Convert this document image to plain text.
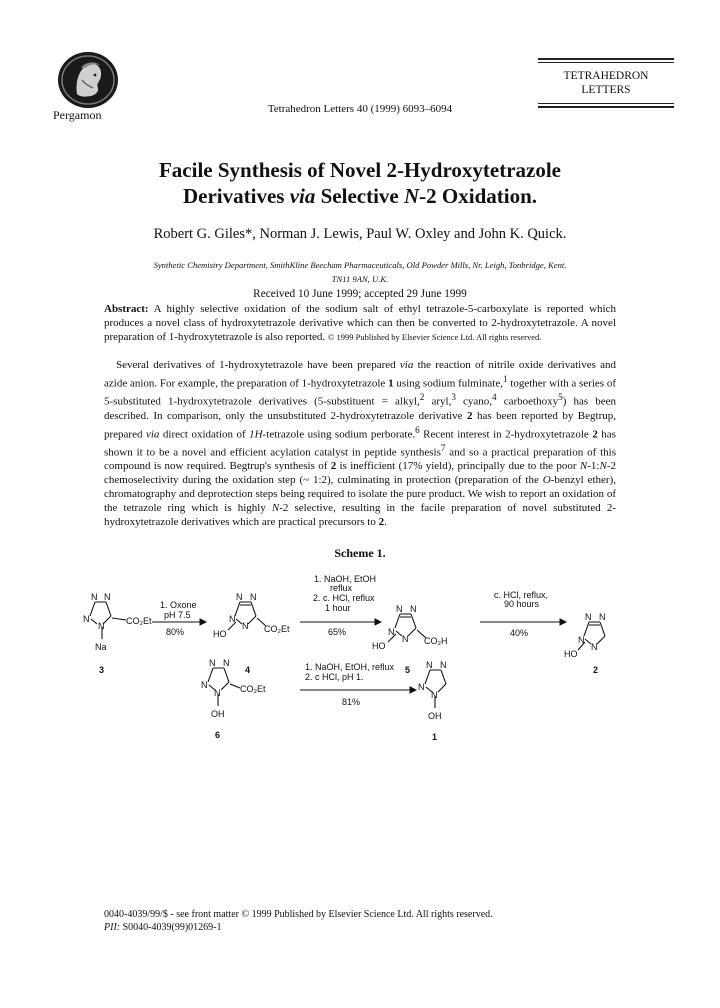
Pergamon	Tetrahedron Letters 40 (1999) 6093–6094
TETRAHEDRON
LETTERS
Facile Synthesis of Novel 2-Hydroxytetrazole
Derivatives via Selective N-2 Oxidation.
Robert G. Giles*, Norman J. Lewis, Paul W. Oxley and John K. Quick.
Synthetic Chemistry Department, SmithKline Beecham Pharmaceuticals, Old Powder Mills, Nr. Leigh, Tonbridge, Kent.
TN11 9AN, U.K.
Received 10 June 1999; accepted 29 June 1999
Abstract: A highly selective oxidation of the sodium salt of ethyl tetrazole-5-carboxylate is reported which produces a novel class of hydroxytetrazole derivative which can then be converted to 2-hydroxytetrazole. A novel preparation of 1-hydroxytetrazole is also reported. © 1999 Published by Elsevier Science Ltd. All rights reserved.

Several derivatives of 1-hydroxytetrazole have been prepared via the reaction of nitrile oxide derivatives and azide anion. For example, the preparation of 1-hydroxytetrazole 1 using sodium fulminate,$^1$ together with a series of 5-substituted 1-hydroxytetrazole derivatives (5-substituent = alkyl,$^2$ aryl,$^3$ cyano,$^4$ carboethoxy$^5$) has been described. In comparison, only the unsubstituted 2-hydroxytetrazole derivative 2 has been reported by Begtrup, prepared via direct oxidation of 1H-tetrazole using sodium perborate.$^6$ Recent interest in 2-hydroxytetrazole 2 has shown it to be a novel and efficient acylation catalyst in peptide synthesis$^7$ and so a practical preparation of this compound is now required. Begtrup's synthesis of 2 is inefficient (17% yield), principally due to the poor N-1:N-2 chemoselectivity during the oxidation step (~ 1:2), culminating in protection (preparation of the O-benzyl ether), chromatography and deprotection steps being required to isolate the pure product. We wish to report an oxidation of the tetrazole ring which is highly N-2 selective, resulting in the facile preparation of novel substituted 2-hydroxytetrazole derivatives which are practical precursors to 2.

Scheme 1.
N N
N
N CO₂Et
Na
3
1. Oxone
pH 7.5
80%
N N
N
N
HO	CO₂Et
4
1. NaOH, EtOH
reflux
2. c. HCl, reflux
1 hour
65%
N N
N
N
HO	CO₂H
5
c. HCl, reflux,
90 hours
40%
N N
N
N
HO
2
N N
N
N CO₂Et
OH
6
1. NaOH, EtOH, reflux
2. c HCl, pH 1.
81%
N N
N
N
OH
1
0040-4039/99/$ - see front matter © 1999 Published by Elsevier Science Ltd. All rights reserved.
PII: S0040-4039(99)01269-1
